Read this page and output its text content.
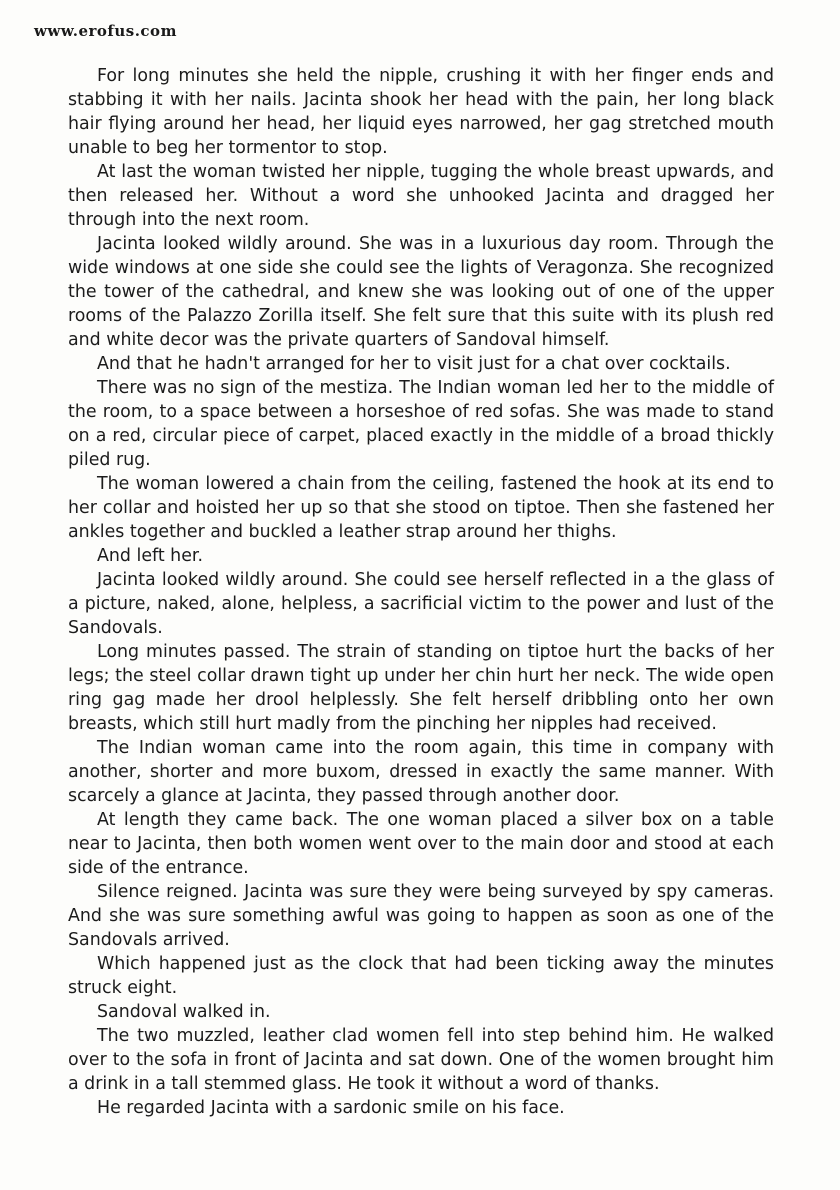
www.erofus.com

For long minutes she held the nipple, crushing it with her finger ends and stabbing it with her nails. Jacinta shook her head with the pain, her long black hair flying around her head, her liquid eyes narrowed, her gag stretched mouth unable to beg her tormentor to stop.

At last the woman twisted her nipple, tugging the whole breast upwards, and then released her. Without a word she unhooked Jacinta and dragged her through into the next room.

Jacinta looked wildly around. She was in a luxurious day room. Through the wide windows at one side she could see the lights of Veragonza. She recognized the tower of the cathedral, and knew she was looking out of one of the upper rooms of the Palazzo Zorilla itself. She felt sure that this suite with its plush red and white decor was the private quarters of Sandoval himself.

And that he hadn't arranged for her to visit just for a chat over cocktails.

There was no sign of the mestiza. The Indian woman led her to the middle of the room, to a space between a horseshoe of red sofas. She was made to stand on a red, circular piece of carpet, placed exactly in the middle of a broad thickly piled rug.

The woman lowered a chain from the ceiling, fastened the hook at its end to her collar and hoisted her up so that she stood on tiptoe. Then she fastened her ankles together and buckled a leather strap around her thighs.

And left her.

Jacinta looked wildly around. She could see herself reflected in a the glass of a picture, naked, alone, helpless, a sacrificial victim to the power and lust of the Sandovals.

Long minutes passed. The strain of standing on tiptoe hurt the backs of her legs; the steel collar drawn tight up under her chin hurt her neck. The wide open ring gag made her drool helplessly. She felt herself dribbling onto her own breasts, which still hurt madly from the pinching her nipples had received.

The Indian woman came into the room again, this time in company with another, shorter and more buxom, dressed in exactly the same manner. With scarcely a glance at Jacinta, they passed through another door.

At length they came back. The one woman placed a silver box on a table near to Jacinta, then both women went over to the main door and stood at each side of the entrance.

Silence reigned. Jacinta was sure they were being surveyed by spy cameras. And she was sure something awful was going to happen as soon as one of the Sandovals arrived.

Which happened just as the clock that had been ticking away the minutes struck eight.

Sandoval walked in.

The two muzzled, leather clad women fell into step behind him. He walked over to the sofa in front of Jacinta and sat down. One of the women brought him a drink in a tall stemmed glass. He took it without a word of thanks.

He regarded Jacinta with a sardonic smile on his face.
